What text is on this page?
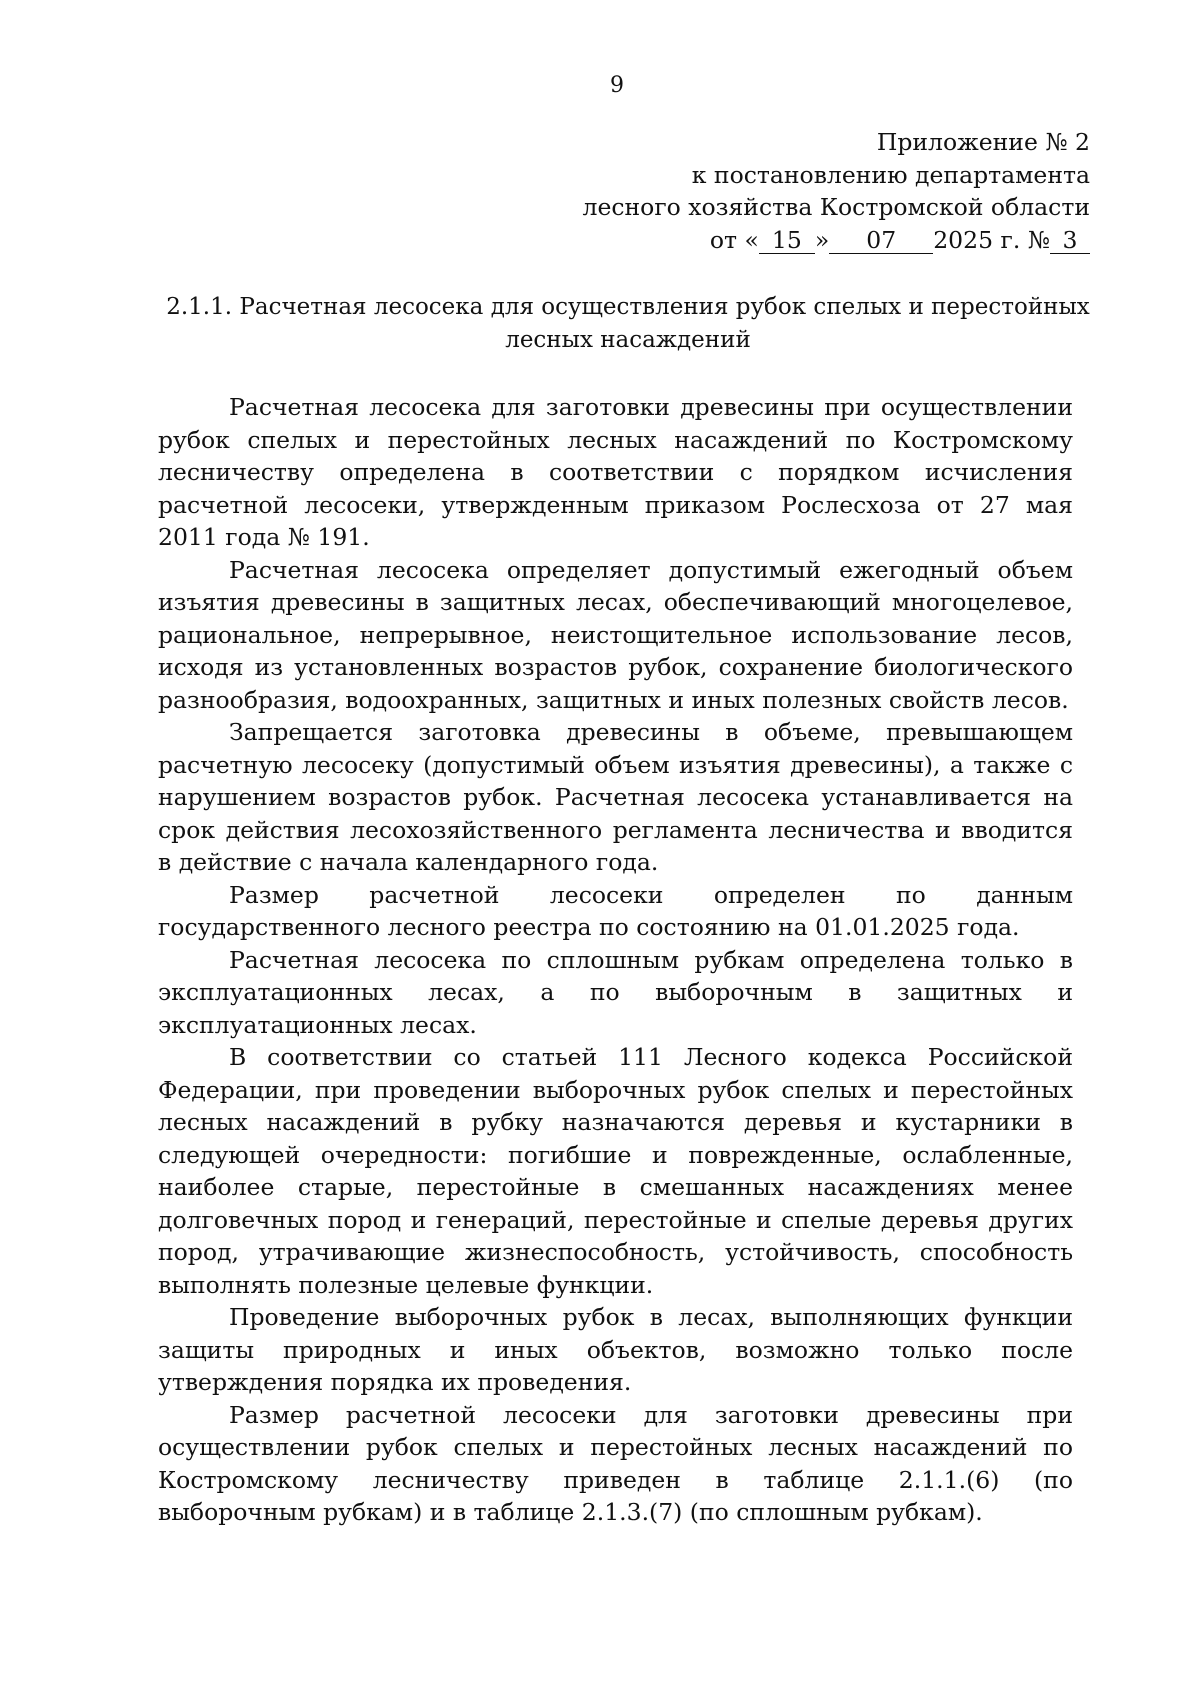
9
Приложение № 2
к постановлению департамента
лесного хозяйства Костромской области
от « 15 » 07 2025 г. № 3
2.1.1. Расчетная лесосека для осуществления рубок спелых и перестойных
лесных насаждений

Расчетная лесосека для заготовки древесины при осуществлении рубок спелых и перестойных лесных насаждений по Костромскому лесничеству определена в соответствии с порядком исчисления расчетной лесосеки, утвержденным приказом Рослесхоза от 27 мая 2011 года № 191.

Расчетная лесосека определяет допустимый ежегодный объем изъятия древесины в защитных лесах, обеспечивающий многоцелевое, рациональное, непрерывное, неистощительное использование лесов, исходя из установленных возрастов рубок, сохранение биологического разнообразия, водоохранных, защитных и иных полезных свойств лесов.

Запрещается заготовка древесины в объеме, превышающем расчетную лесосеку (допустимый объем изъятия древесины), а также с нарушением возрастов рубок. Расчетная лесосека устанавливается на срок действия лесохозяйственного регламента лесничества и вводится в действие с начала календарного года.

Размер расчетной лесосеки определен по данным государственного лесного реестра по состоянию на 01.01.2025 года.

Расчетная лесосека по сплошным рубкам определена только в эксплуатационных лесах, а по выборочным в защитных и эксплуатационных лесах.

В соответствии со статьей 111 Лесного кодекса Российской Федерации, при проведении выборочных рубок спелых и перестойных лесных насаждений в рубку назначаются деревья и кустарники в следующей очередности: погибшие и поврежденные, ослабленные, наиболее старые, перестойные в смешанных насаждениях менее долговечных пород и генераций, перестойные и спелые деревья других пород, утрачивающие жизнеспособность, устойчивость, способность выполнять полезные целевые функции.

Проведение выборочных рубок в лесах, выполняющих функции защиты природных и иных объектов, возможно только после утверждения порядка их проведения.

Размер расчетной лесосеки для заготовки древесины при осуществлении рубок спелых и перестойных лесных насаждений по Костромскому лесничеству приведен в таблице 2.1.1.(6) (по выборочным рубкам) и в таблице 2.1.3.(7) (по сплошным рубкам).
